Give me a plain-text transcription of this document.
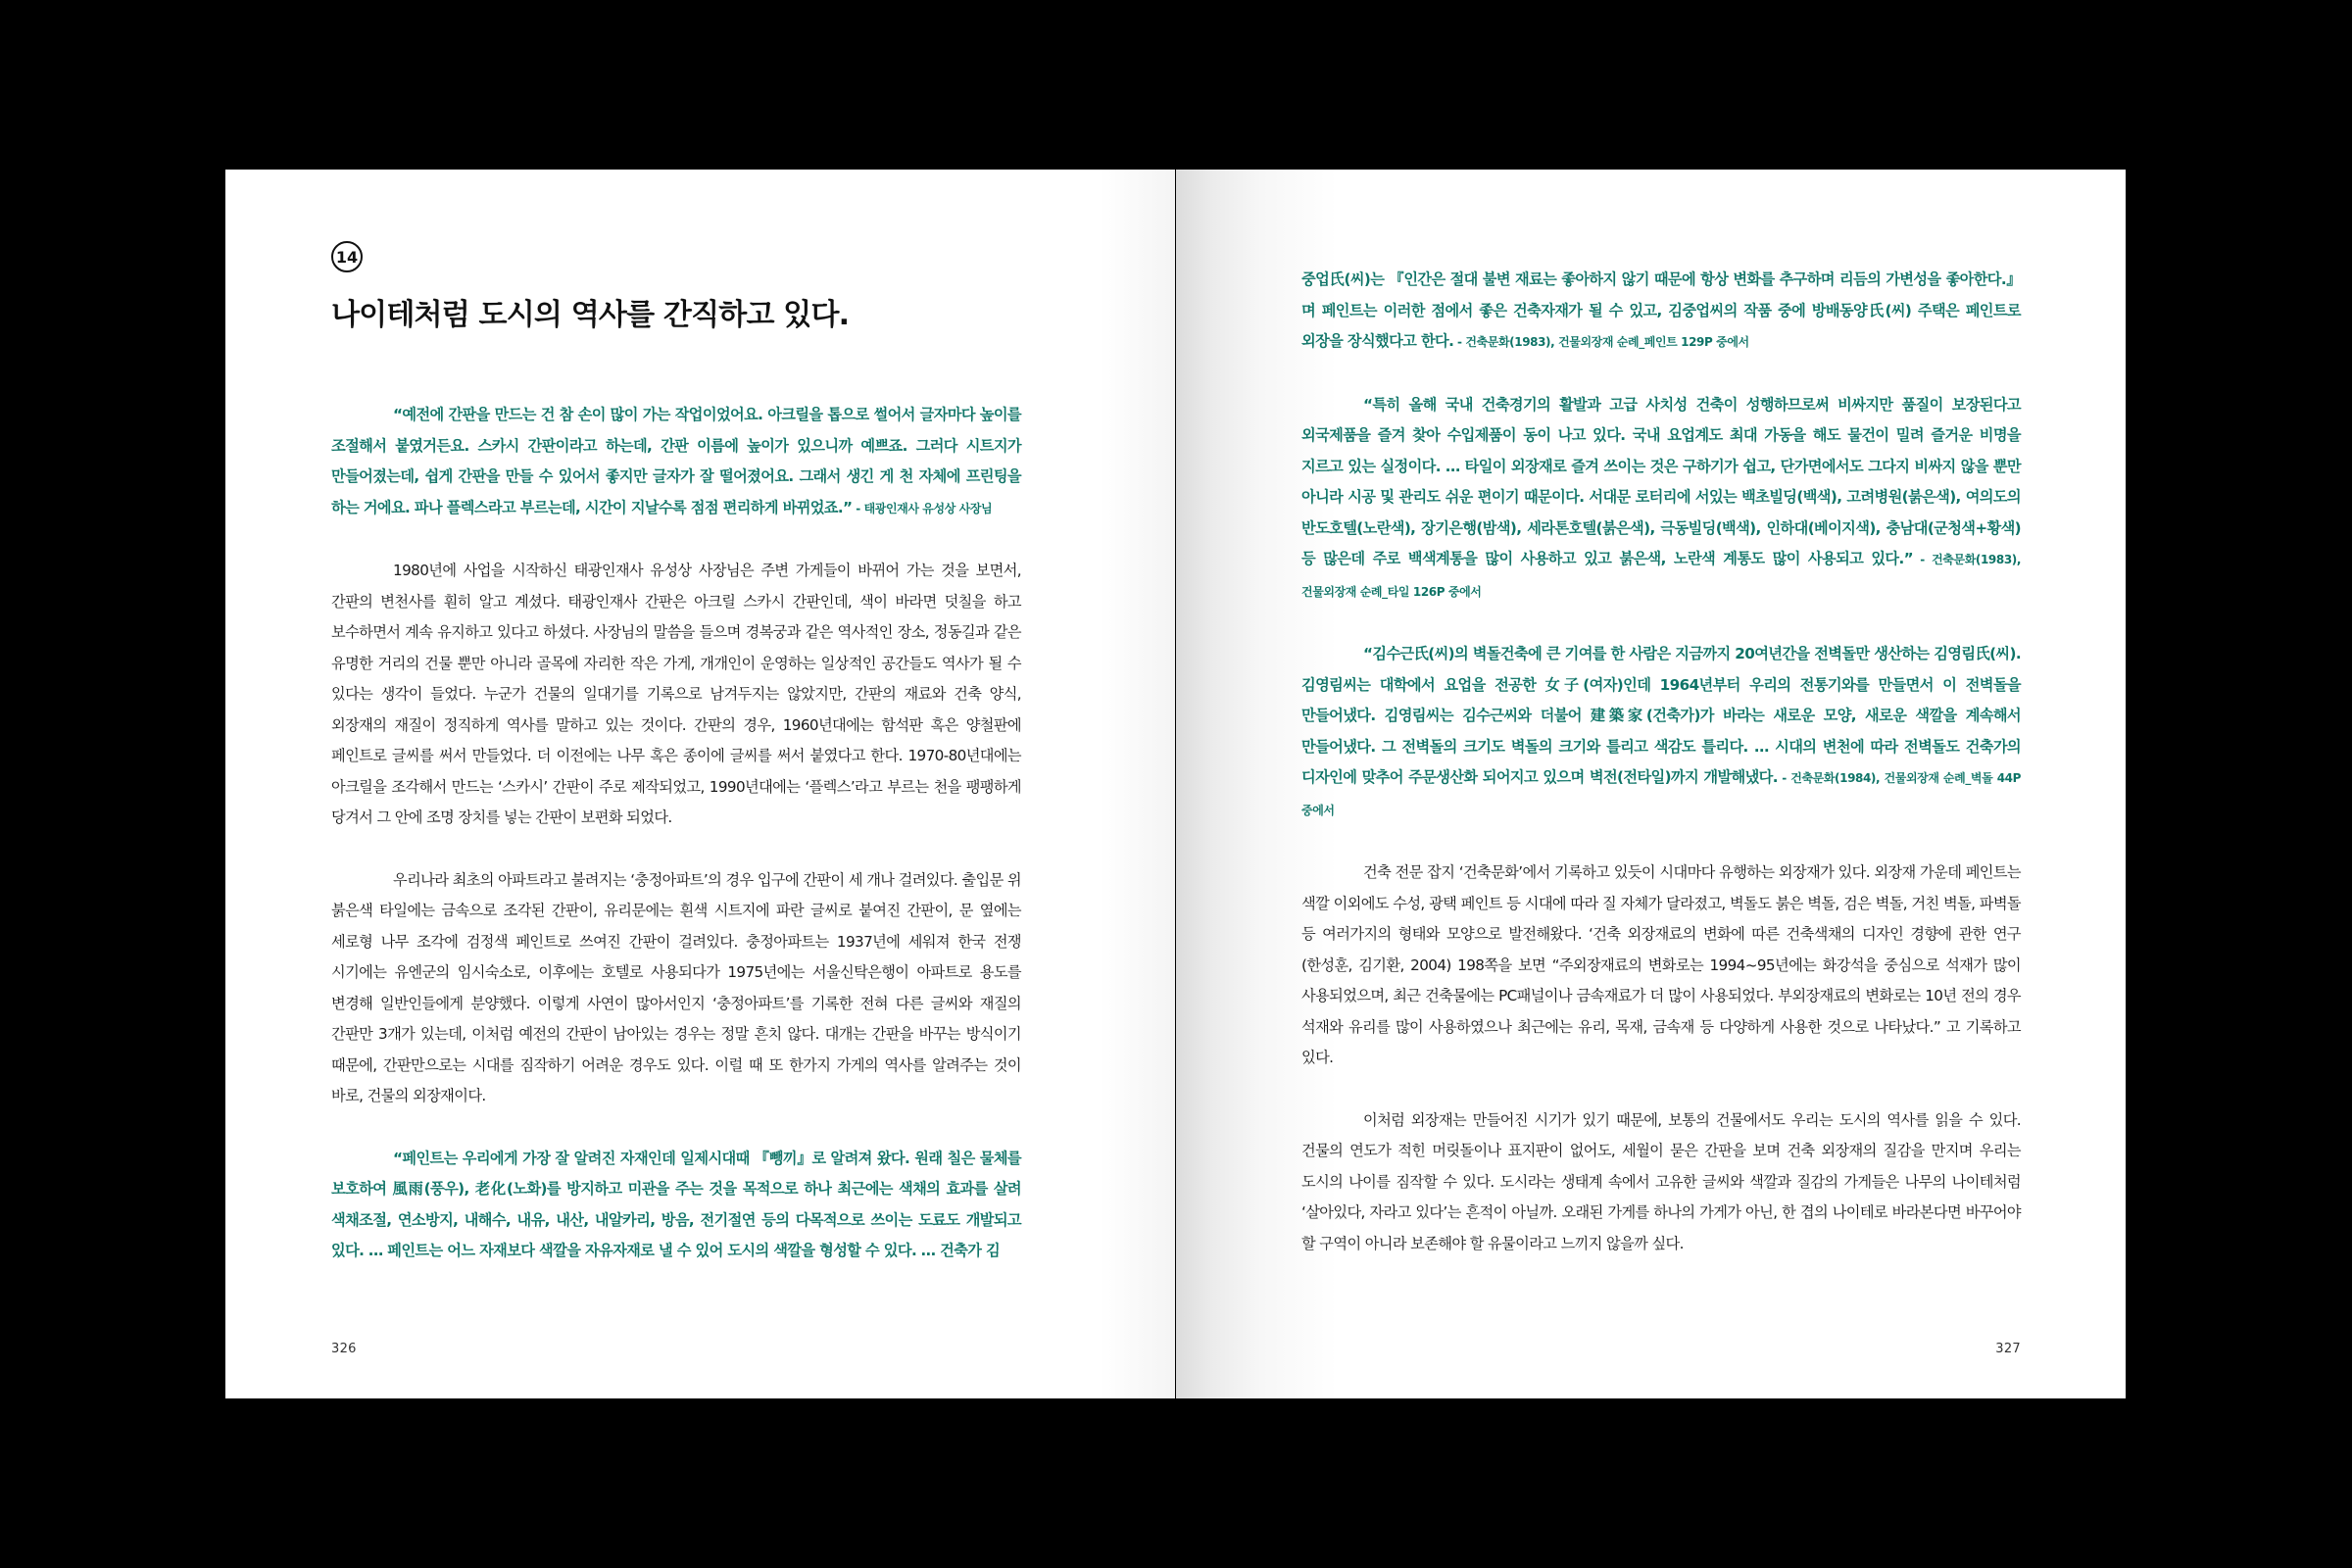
14
나이테처럼 도시의 역사를 간직하고 있다.

“예전에 간판을 만드는 건 참 손이 많이 가는 작업이었어요. 아크릴을 톱으로 썰어서 글자마다 높이를 조절해서 붙였거든요. 스카시 간판이라고 하는데, 간판 이름에 높이가 있으니까 예쁘죠. 그러다 시트지가 만들어졌는데, 쉽게 간판을 만들 수 있어서 좋지만 글자가 잘 떨어졌어요. 그래서 생긴 게 천 자체에 프린팅을 하는 거에요. 파나 플렉스라고 부르는데, 시간이 지날수록 점점 편리하게 바뀌었죠.” - 태광인재사 유성상 사장님

1980년에 사업을 시작하신 태광인재사 유성상 사장님은 주변 가게들이 바뀌어 가는 것을 보면서, 간판의 변천사를 훤히 알고 계셨다. 태광인재사 간판은 아크릴 스카시 간판인데, 색이 바라면 덧칠을 하고 보수하면서 계속 유지하고 있다고 하셨다. 사장님의 말씀을 들으며 경복궁과 같은 역사적인 장소, 정동길과 같은 유명한 거리의 건물 뿐만 아니라 골목에 자리한 작은 가게, 개개인이 운영하는 일상적인 공간들도 역사가 될 수 있다는 생각이 들었다. 누군가 건물의 일대기를 기록으로 남겨두지는 않았지만, 간판의 재료와 건축 양식, 외장재의 재질이 정직하게 역사를 말하고 있는 것이다. 간판의 경우, 1960년대에는 함석판 혹은 양철판에 페인트로 글씨를 써서 만들었다. 더 이전에는 나무 혹은 종이에 글씨를 써서 붙였다고 한다. 1970-80년대에는 아크릴을 조각해서 만드는 ‘스카시’ 간판이 주로 제작되었고, 1990년대에는 ‘플렉스’라고 부르는 천을 팽팽하게 당겨서 그 안에 조명 장치를 넣는 간판이 보편화 되었다.

우리나라 최초의 아파트라고 불려지는 ‘충정아파트’의 경우 입구에 간판이 세 개나 걸려있다. 출입문 위 붉은색 타일에는 금속으로 조각된 간판이, 유리문에는 흰색 시트지에 파란 글씨로 붙여진 간판이, 문 옆에는 세로형 나무 조각에 검정색 페인트로 쓰여진 간판이 걸려있다. 충정아파트는 1937년에 세워져 한국 전쟁 시기에는 유엔군의 임시숙소로, 이후에는 호텔로 사용되다가 1975년에는 서울신탁은행이 아파트로 용도를 변경해 일반인들에게 분양했다. 이렇게 사연이 많아서인지 ‘충정아파트’를 기록한 전혀 다른 글씨와 재질의 간판만 3개가 있는데, 이처럼 예전의 간판이 남아있는 경우는 정말 흔치 않다. 대개는 간판을 바꾸는 방식이기 때문에, 간판만으로는 시대를 짐작하기 어려운 경우도 있다. 이럴 때 또 한가지 가게의 역사를 알려주는 것이 바로, 건물의 외장재이다.

“페인트는 우리에게 가장 잘 알려진 자재인데 일제시대때 『뺑끼』로 알려져 왔다. 원래 칠은 물체를 보호하여 風雨(풍우), 老化(노화)를 방지하고 미관을 주는 것을 목적으로 하나 최근에는 색채의 효과를 살려 색채조절, 연소방지, 내해수, 내유, 내산, 내알카리, 방음, 전기절연 등의 다목적으로 쓰이는 도료도 개발되고 있다. … 페인트는 어느 자재보다 색깔을 자유자재로 낼 수 있어 도시의 색깔을 형성할 수 있다. … 건축가 김

326

중업氏(씨)는 『인간은 절대 불변 재료는 좋아하지 않기 때문에 항상 변화를 추구하며 리듬의 가변성을 좋아한다.』며 페인트는 이러한 점에서 좋은 건축자재가 될 수 있고, 김중업씨의 작품 중에 방배동양氏(씨) 주택은 페인트로 외장을 장식했다고 한다. - 건축문화(1983), 건물외장재 순례_페인트 129P 중에서

“특히 올해 국내 건축경기의 활발과 고급 사치성 건축이 성행하므로써 비싸지만 품질이 보장된다고 외국제품을 즐겨 찾아 수입제품이 동이 나고 있다. 국내 요업계도 최대 가동을 해도 물건이 밀려 즐거운 비명을 지르고 있는 실정이다. … 타일이 외장재로 즐겨 쓰이는 것은 구하기가 쉽고, 단가면에서도 그다지 비싸지 않을 뿐만 아니라 시공 및 관리도 쉬운 편이기 때문이다. 서대문 로터리에 서있는 백초빌딩(백색), 고려병원(붉은색), 여의도의 반도호텔(노란색), 장기은행(밤색), 세라톤호텔(붉은색), 극동빌딩(백색), 인하대(베이지색), 충남대(군청색+황색) 등 많은데 주로 백색계통을 많이 사용하고 있고 붉은색, 노란색 계통도 많이 사용되고 있다.” - 건축문화(1983), 건물외장재 순례_타일 126P 중에서

“김수근氏(씨)의 벽돌건축에 큰 기여를 한 사람은 지금까지 20여년간을 전벽돌만 생산하는 김영림氏(씨). 김영림씨는 대학에서 요업을 전공한 女子(여자)인데 1964년부터 우리의 전통기와를 만들면서 이 전벽돌을 만들어냈다. 김영림씨는 김수근씨와 더불어 建築家(건축가)가 바라는 새로운 모양, 새로운 색깔을 계속해서 만들어냈다. 그 전벽돌의 크기도 벽돌의 크기와 틀리고 색감도 틀리다. … 시대의 변천에 따라 전벽돌도 건축가의 디자인에 맞추어 주문생산화 되어지고 있으며 벽전(전타일)까지 개발해냈다. - 건축문화(1984), 건물외장재 순례_벽돌 44P 중에서

건축 전문 잡지 ‘건축문화’에서 기록하고 있듯이 시대마다 유행하는 외장재가 있다. 외장재 가운데 페인트는 색깔 이외에도 수성, 광택 페인트 등 시대에 따라 질 자체가 달라졌고, 벽돌도 붉은 벽돌, 검은 벽돌, 거친 벽돌, 파벽돌 등 여러가지의 형태와 모양으로 발전해왔다. ‘건축 외장재료의 변화에 따른 건축색채의 디자인 경향에 관한 연구(한성훈, 김기환, 2004) 198쪽을 보면 “주외장재료의 변화로는 1994~95년에는 화강석을 중심으로 석재가 많이 사용되었으며, 최근 건축물에는 PC패널이나 금속재료가 더 많이 사용되었다. 부외장재료의 변화로는 10년 전의 경우 석재와 유리를 많이 사용하였으나 최근에는 유리, 목재, 금속재 등 다양하게 사용한 것으로 나타났다.” 고 기록하고 있다.

이처럼 외장재는 만들어진 시기가 있기 때문에, 보통의 건물에서도 우리는 도시의 역사를 읽을 수 있다. 건물의 연도가 적힌 머릿돌이나 표지판이 없어도, 세월이 묻은 간판을 보며 건축 외장재의 질감을 만지며 우리는 도시의 나이를 짐작할 수 있다. 도시라는 생태계 속에서 고유한 글씨와 색깔과 질감의 가게들은 나무의 나이테처럼 ‘살아있다, 자라고 있다’는 흔적이 아닐까. 오래된 가게를 하나의 가게가 아닌, 한 겹의 나이테로 바라본다면 바꾸어야 할 구역이 아니라 보존해야 할 유물이라고 느끼지 않을까 싶다.

327
